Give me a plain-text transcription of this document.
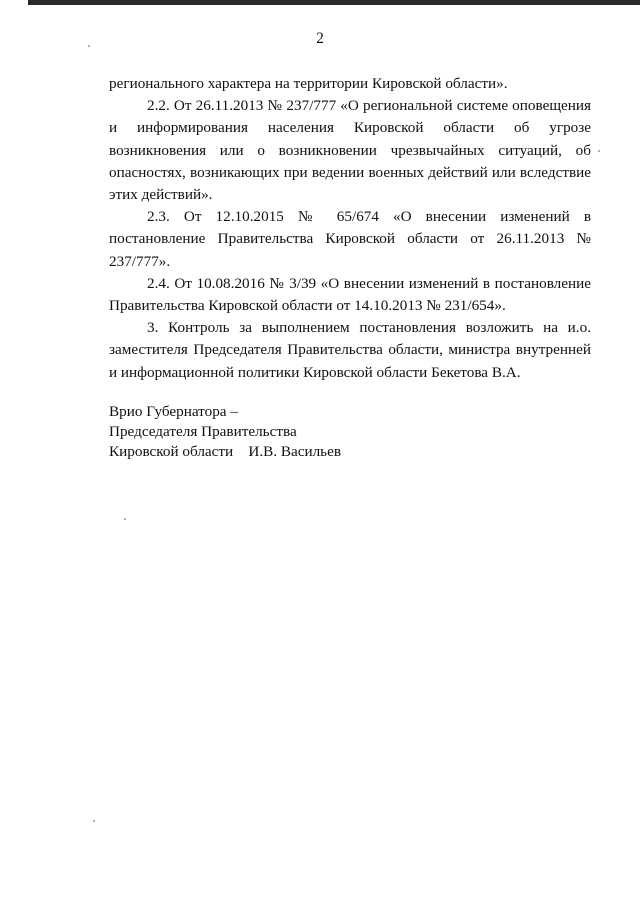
2

регионального характера на территории Кировской области».

2.2. От 26.11.2013 № 237/777 «О региональной системе оповещения и информирования населения Кировской области об угрозе возникновения или о возникновении чрезвычайных ситуаций, об опасностях, возникающих при ведении военных действий или вследствие этих действий».

2.3. От 12.10.2015 № 65/674 «О внесении изменений в постановление Правительства Кировской области от 26.11.2013 № 237/777».

2.4. От 10.08.2016 № 3/39 «О внесении изменений в постановление Правительства Кировской области от 14.10.2013 № 231/654».

3. Контроль за выполнением постановления возложить на и.о. заместителя Председателя Правительства области, министра внутренней и информационной политики Кировской области Бекетова В.А.

Врио Губернатора –
Председателя Правительства
Кировской области    И.В. Васильев
